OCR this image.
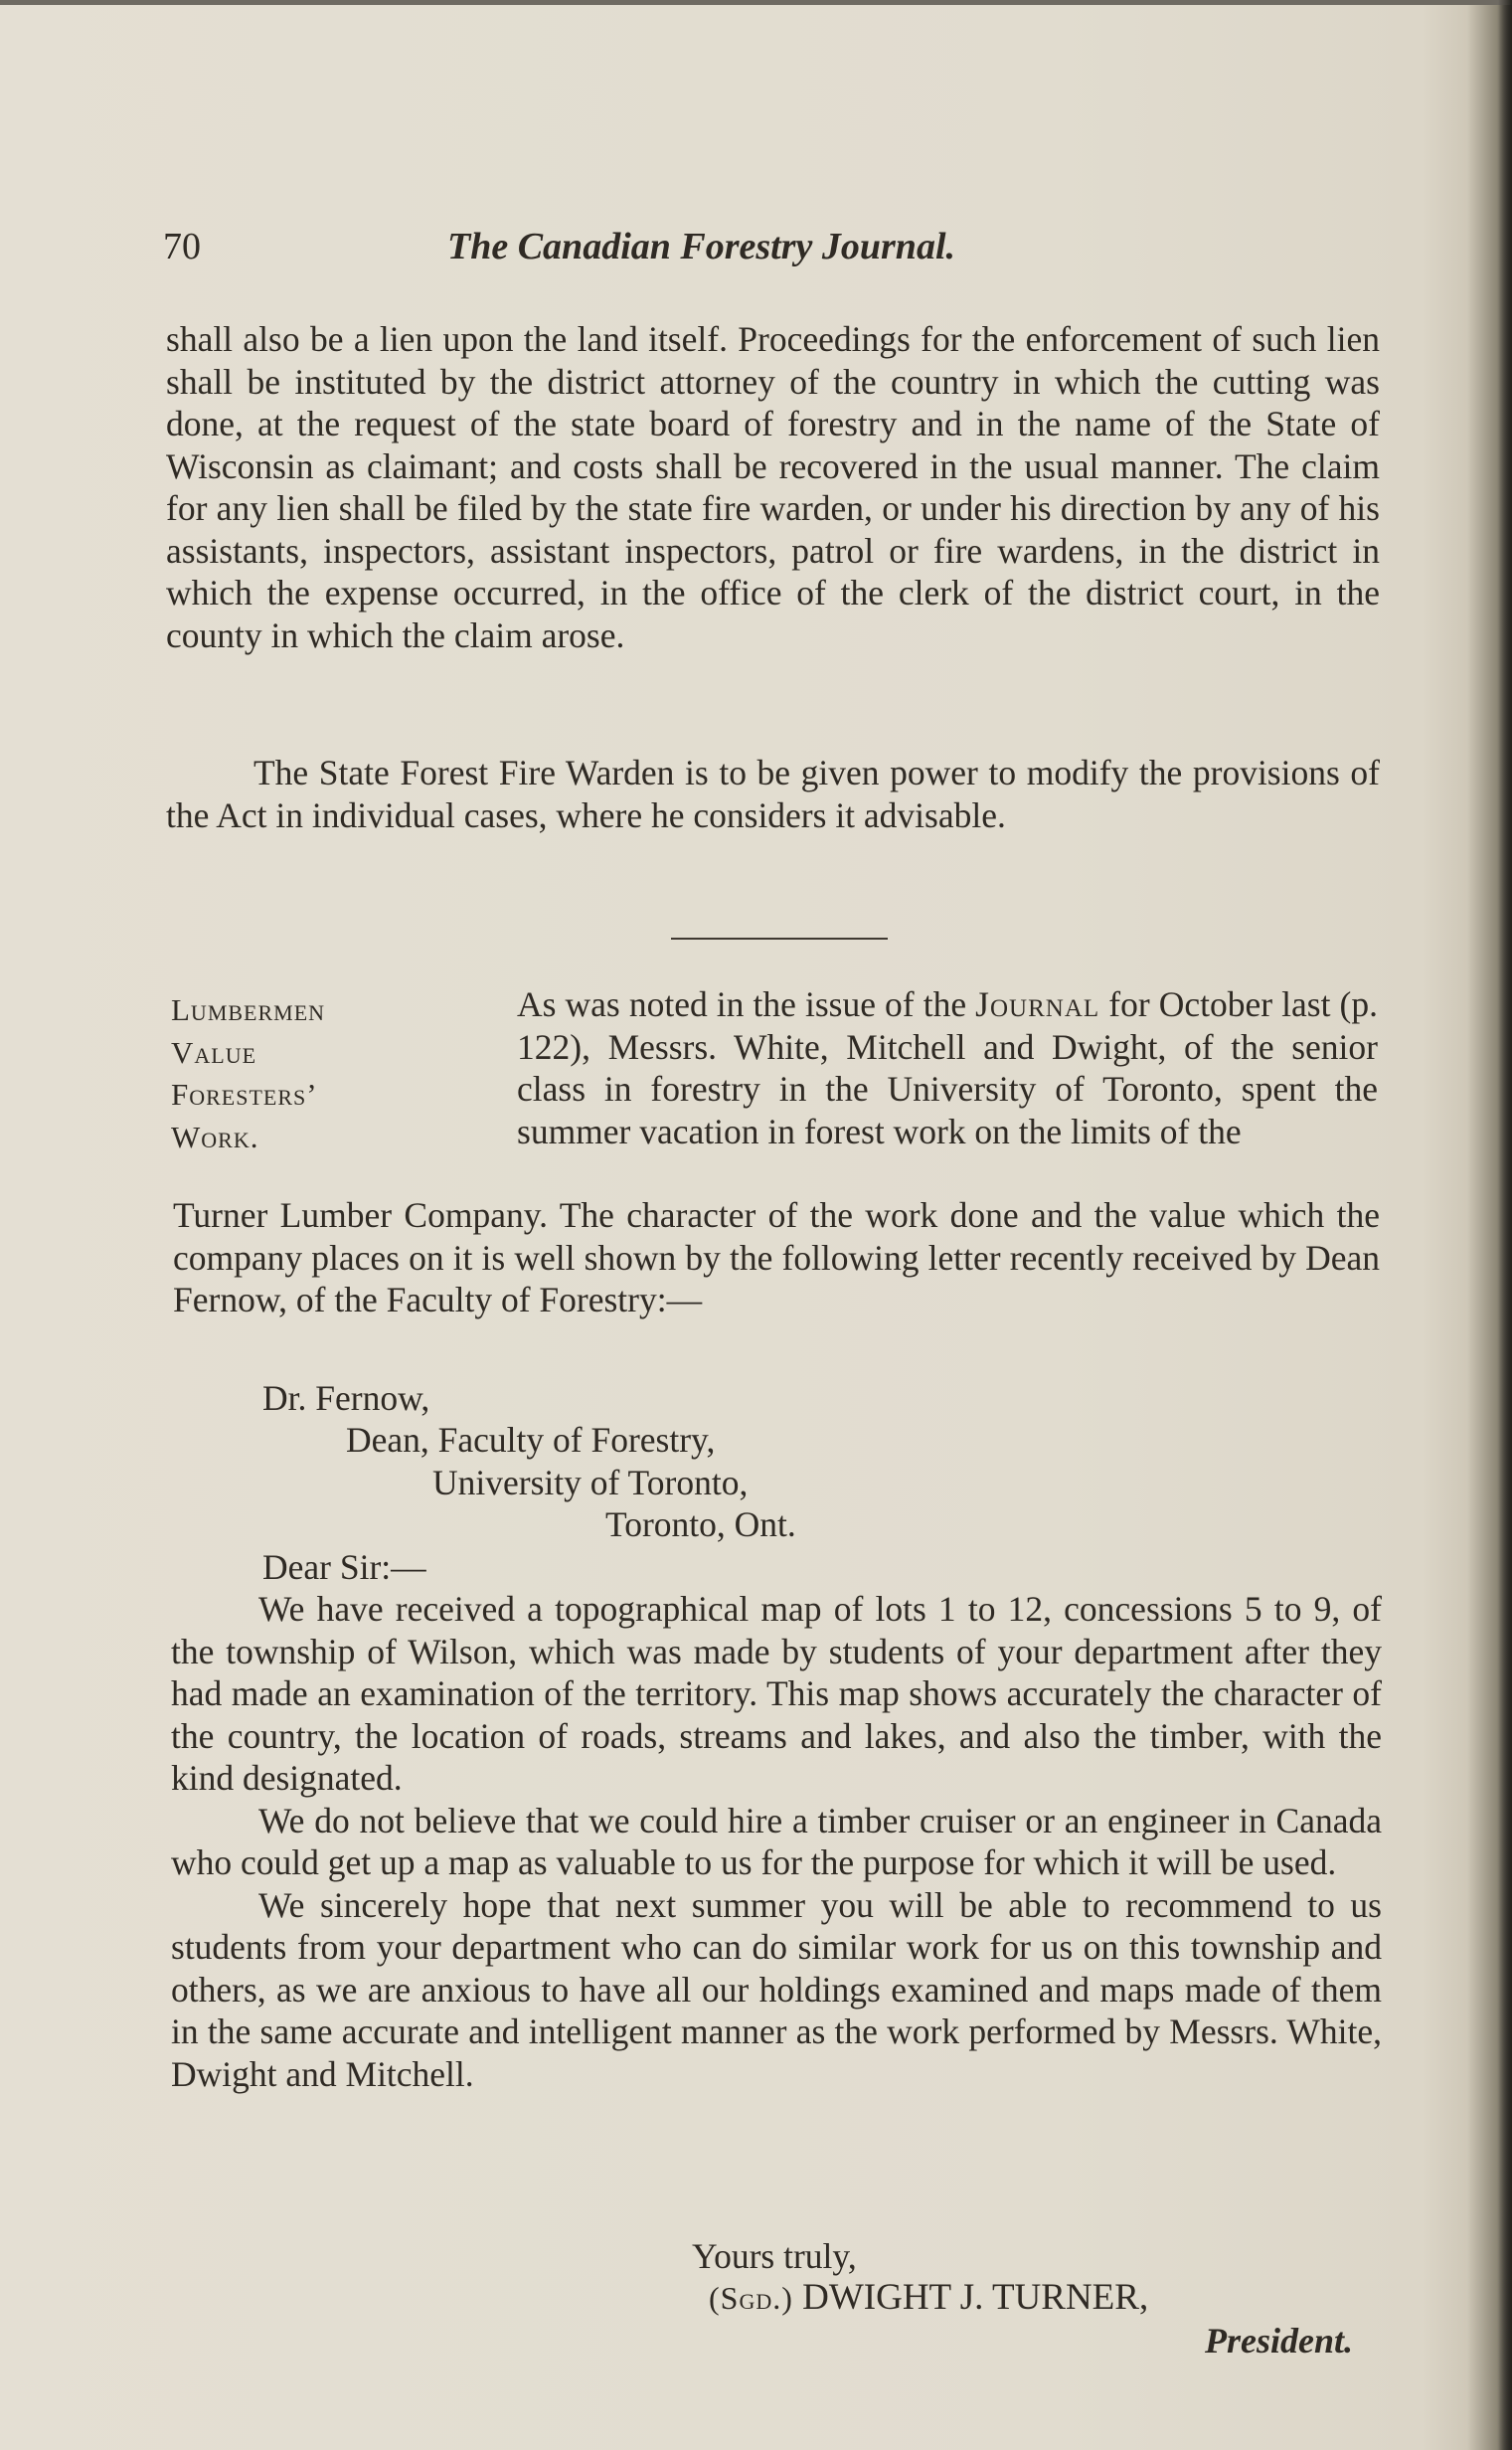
70	The Canadian Forestry Journal.

shall also be a lien upon the land itself. Proceedings for the enforcement of such lien shall be instituted by the district attorney of the country in which the cutting was done, at the request of the state board of forestry and in the name of the State of Wisconsin as claimant; and costs shall be recovered in the usual manner. The claim for any lien shall be filed by the state fire warden, or under his direction by any of his assistants, inspectors, assistant inspectors, patrol or fire wardens, in the district in which the expense occurred, in the office of the clerk of the district court, in the county in which the claim arose.

The State Forest Fire Warden is to be given power to modify the provisions of the Act in individual cases, where he considers it advisable.

Lumbermen
Value
Foresters’
Work.
As was noted in the issue of the Journal for October last (p. 122), Messrs. White, Mitchell and Dwight, of the senior class in forestry in the University of Toronto, spent the summer vacation in forest work on the limits of the
Turner Lumber Company. The character of the work done and the value which the company places on it is well shown by the following letter recently received by Dean Fernow, of the Faculty of Forestry:—
Dr. Fernow,
Dean, Faculty of Forestry,
University of Toronto,
Toronto, Ont.
Dear Sir:—

We have received a topographical map of lots 1 to 12, concessions 5 to 9, of the township of Wilson, which was made by students of your department after they had made an examination of the territory. This map shows accurately the character of the country, the location of roads, streams and lakes, and also the timber, with the kind designated.

We do not believe that we could hire a timber cruiser or an engineer in Canada who could get up a map as valuable to us for the purpose for which it will be used.

We sincerely hope that next summer you will be able to recommend to us students from your department who can do similar work for us on this township and others, as we are anxious to have all our holdings examined and maps made of them in the same accurate and intelligent manner as the work performed by Messrs. White, Dwight and Mitchell.

Yours truly,
(Sgd.) DWIGHT J. TURNER,
President.
